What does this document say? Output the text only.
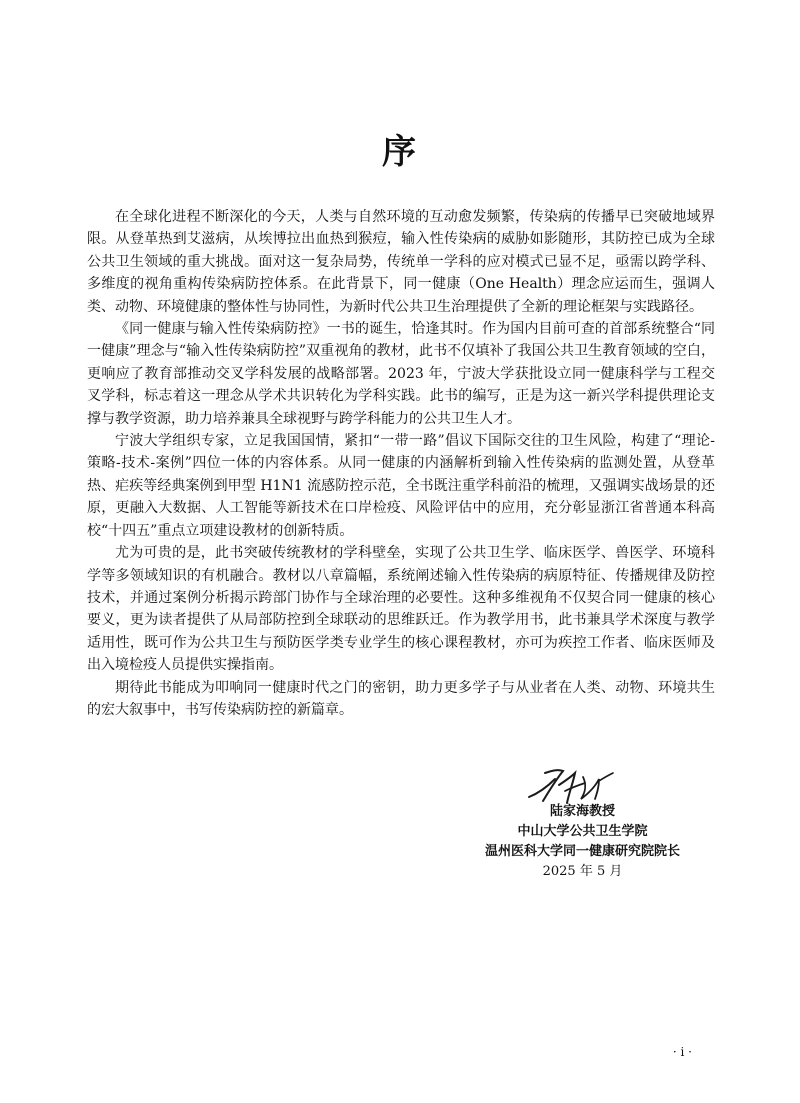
序

在全球化进程不断深化的今天，人类与自然环境的互动愈发频繁，传染病的传播早已突破地域界限。从登革热到艾滋病，从埃博拉出血热到猴痘，输入性传染病的威胁如影随形，其防控已成为全球公共卫生领域的重大挑战。面对这一复杂局势，传统单一学科的应对模式已显不足，亟需以跨学科、多维度的视角重构传染病防控体系。在此背景下，同一健康（One Health）理念应运而生，强调人类、动物、环境健康的整体性与协同性，为新时代公共卫生治理提供了全新的理论框架与实践路径。

《同一健康与输入性传染病防控》一书的诞生，恰逢其时。作为国内目前可查的首部系统整合“同一健康”理念与“输入性传染病防控”双重视角的教材，此书不仅填补了我国公共卫生教育领域的空白，更响应了教育部推动交叉学科发展的战略部署。2023 年，宁波大学获批设立同一健康科学与工程交叉学科，标志着这一理念从学术共识转化为学科实践。此书的编写，正是为这一新兴学科提供理论支撑与教学资源，助力培养兼具全球视野与跨学科能力的公共卫生人才。

宁波大学组织专家，立足我国国情，紧扣“一带一路”倡议下国际交往的卫生风险，构建了“理论-策略-技术-案例”四位一体的内容体系。从同一健康的内涵解析到输入性传染病的监测处置，从登革热、疟疾等经典案例到甲型 H1N1 流感防控示范，全书既注重学科前沿的梳理，又强调实战场景的还原，更融入大数据、人工智能等新技术在口岸检疫、风险评估中的应用，充分彰显浙江省普通本科高校“十四五”重点立项建设教材的创新特质。

尤为可贵的是，此书突破传统教材的学科壁垒，实现了公共卫生学、临床医学、兽医学、环境科学等多领域知识的有机融合。教材以八章篇幅，系统阐述输入性传染病的病原特征、传播规律及防控技术，并通过案例分析揭示跨部门协作与全球治理的必要性。这种多维视角不仅契合同一健康的核心要义，更为读者提供了从局部防控到全球联动的思维跃迁。作为教学用书，此书兼具学术深度与教学适用性，既可作为公共卫生与预防医学类专业学生的核心课程教材，亦可为疾控工作者、临床医师及出入境检疫人员提供实操指南。

期待此书能成为叩响同一健康时代之门的密钥，助力更多学子与从业者在人类、动物、环境共生的宏大叙事中，书写传染病防控的新篇章。

陆家海教授
中山大学公共卫生学院
温州医科大学同一健康研究院院长
2025 年 5 月
· i ·
